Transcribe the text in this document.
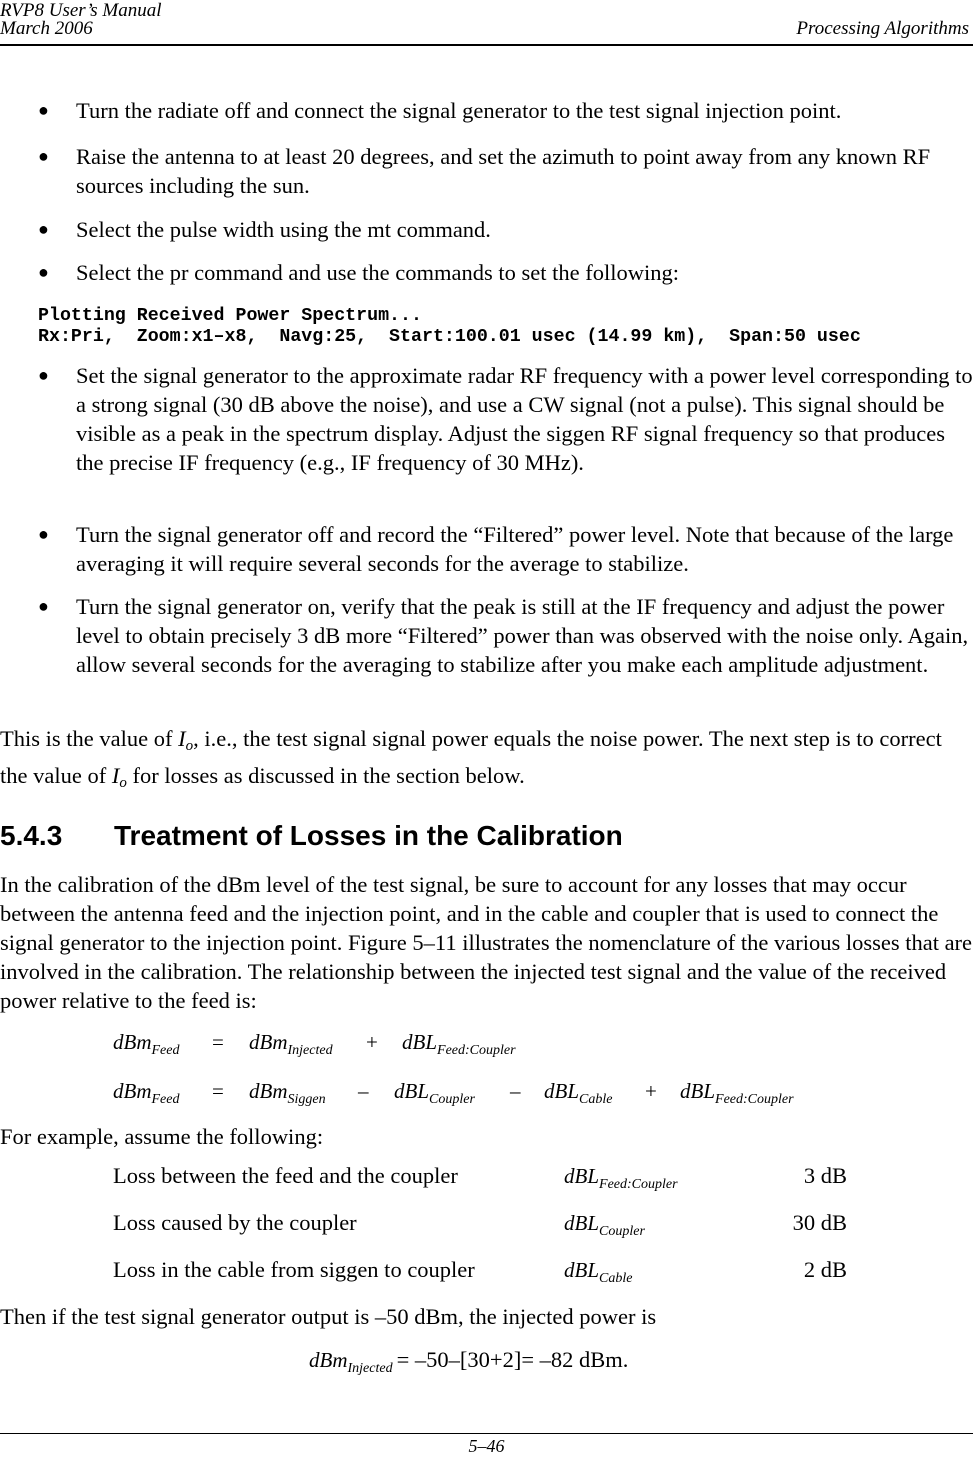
RVP8 User’s Manual
March 2006	Processing Algorithms
● Turn the radiate off and connect the signal generator to the test signal injection point.
● Raise the antenna to at least 20 degrees, and set the azimuth to point away from any known RF sources including the sun.
● Select the pulse width using the mt command.
● Select the pr command and use the commands to set the following:
Plotting Received Power Spectrum...
Rx:Pri,  Zoom:x1–x8,  Navg:25,  Start:100.01 usec (14.99 km),  Span:50 usec
● Set the signal generator to the approximate radar RF frequency with a power level corresponding to a strong signal (30 dB above the noise), and use a CW signal (not a pulse). This signal should be visible as a peak in the spectrum display. Adjust the siggen RF signal frequency so that produces the precise IF frequency (e.g., IF frequency of 30 MHz).
● Turn the signal generator off and record the “Filtered” power level. Note that because of the large averaging it will require several seconds for the average to stabilize.
● Turn the signal generator on, verify that the peak is still at the IF frequency and adjust the power level to obtain precisely 3 dB more “Filtered” power than was observed with the noise only. Again, allow several seconds for the averaging to stabilize after you make each amplitude adjustment.
This is the value of $I_o$, i.e., the test signal signal power equals the noise power. The next step is to correct the value of $I_o$ for losses as discussed in the section below.
5.4.3 Treatment of Losses in the Calibration
In the calibration of the dBm level of the test signal, be sure to account for any losses that may occur between the antenna feed and the injection point, and in the cable and coupler that is used to connect the signal generator to the injection point. Figure 5–11 illustrates the nomenclature of the various losses that are involved in the calibration. The relationship between the injected test signal and the value of the received power relative to the feed is:
dBm$_{Feed}$ = dBm$_{Injected}$ + dBL$_{Feed:Coupler}$
dBm$_{Feed}$ = dBm$_{Siggen}$ – dBL$_{Coupler}$ – dBL$_{Cable}$ + dBL$_{Feed:Coupler}$
For example, assume the following:
Loss between the feed and the coupler	dBL$_{Feed:Coupler}$	3 dB
Loss caused by the coupler	dBL$_{Coupler}$	30 dB
Loss in the cable from siggen to coupler	dBL$_{Cable}$	2 dB
Then if the test signal generator output is –50 dBm, the injected power is
dBm$_{Injected}$ = –50–[30+2]= –82 dBm.
5–46
